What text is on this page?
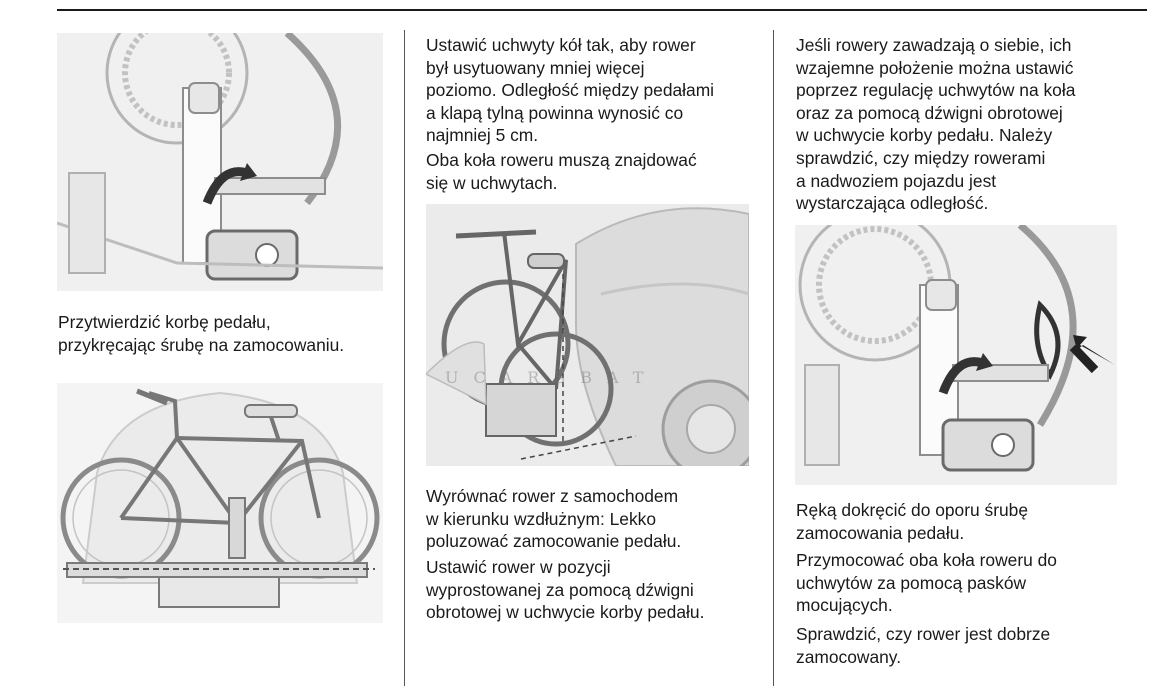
Przytwierdzić korbę pedału,
przykręcając śrubę na zamocowaniu.

Ustawić uchwyty kół tak, aby rower
był usytuowany mniej więcej
poziomo. Odległość między pedałami
a klapą tylną powinna wynosić co
najmniej 5 cm.

Oba koła roweru muszą znajdować
się w uchwytach.

UCARSBAT

Wyrównać rower z samochodem
w kierunku wzdłużnym: Lekko
poluzować zamocowanie pedału.

Ustawić rower w pozycji
wyprostowanej za pomocą dźwigni
obrotowej w uchwycie korby pedału.

Jeśli rowery zawadzają o siebie, ich
wzajemne położenie można ustawić
poprzez regulację uchwytów na koła
oraz za pomocą dźwigni obrotowej
w uchwycie korby pedału. Należy
sprawdzić, czy między rowerami
a nadwoziem pojazdu jest
wystarczająca odległość.

Ręką dokręcić do oporu śrubę
zamocowania pedału.

Przymocować oba koła roweru do
uchwytów za pomocą pasków
mocujących.

Sprawdzić, czy rower jest dobrze
zamocowany.
